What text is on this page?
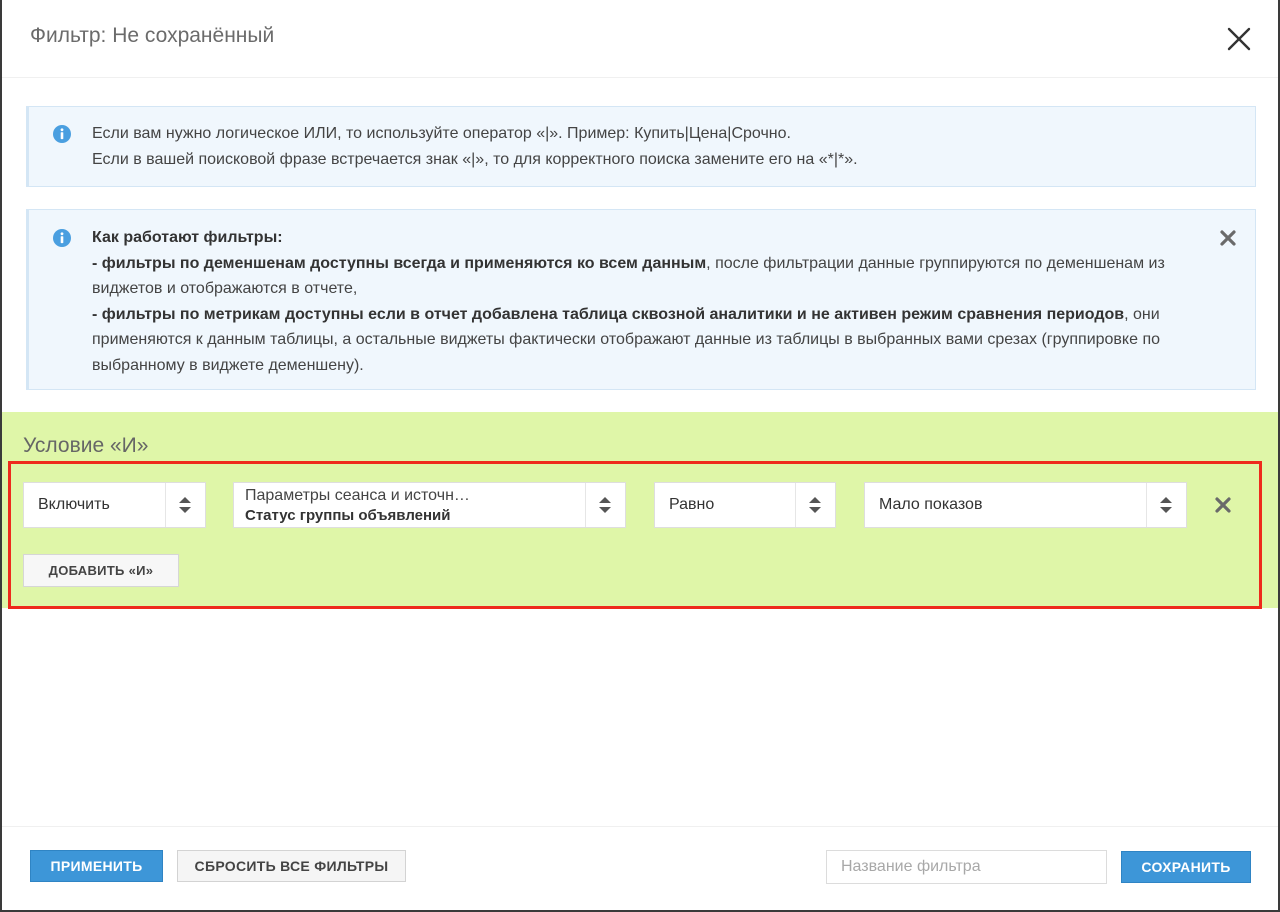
Фильтр: Не сохранённый
Если вам нужно логическое ИЛИ, то используйте оператор «|». Пример: Купить|Цена|Срочно.
Если в вашей поисковой фразе встречается знак «|», то для корректного поиска замените его на «*|*».
Как работают фильтры:
- фильтры по деменшенам доступны всегда и применяются ко всем данным, после фильтрации данные группируются по деменшенам из виджетов и отображаются в отчете,
- фильтры по метрикам доступны если в отчет добавлена таблица сквозной аналитики и не активен режим сравнения периодов, они применяются к данным таблицы, а остальные виджеты фактически отображают данные из таблицы в выбранных вами срезах (группировке по выбранному в виджете деменшену).
Условие «И»
Включить
Параметры сеанса и источн…
Статус группы объявлений
Равно	Мало показов
ДОБАВИТЬ «И»
ПРИМЕНИТЬ	СБРОСИТЬ ВСЕ ФИЛЬТРЫ
Название фильтра	СОХРАНИТЬ
